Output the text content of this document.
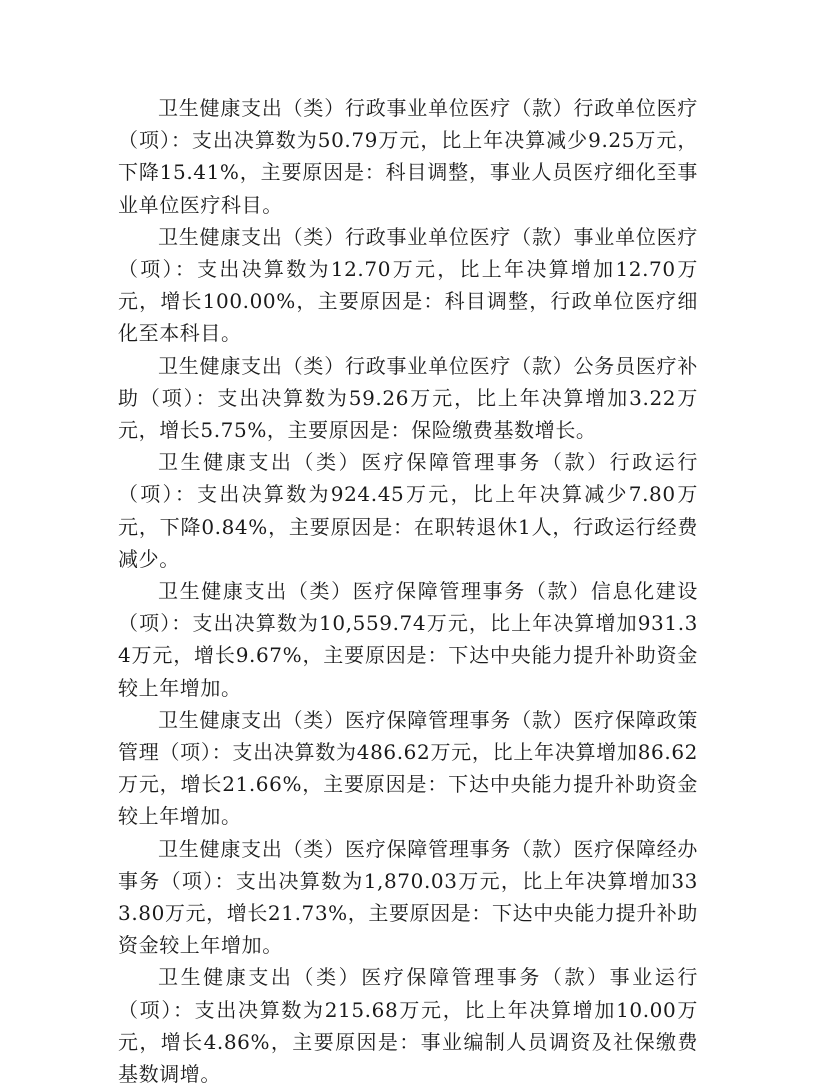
卫生健康支出（类）行政事业单位医疗（款）行政单位医疗（项）：支出决算数为50.79万元，比上年决算减少9.25万元，下降15.41%，主要原因是：科目调整，事业人员医疗细化至事业单位医疗科目。

卫生健康支出（类）行政事业单位医疗（款）事业单位医疗（项）：支出决算数为12.70万元，比上年决算增加12.70万元，增长100.00%，主要原因是：科目调整，行政单位医疗细化至本科目。

卫生健康支出（类）行政事业单位医疗（款）公务员医疗补助（项）：支出决算数为59.26万元，比上年决算增加3.22万元，增长5.75%，主要原因是：保险缴费基数增长。

卫生健康支出（类）医疗保障管理事务（款）行政运行（项）：支出决算数为924.45万元，比上年决算减少7.80万元，下降0.84%，主要原因是：在职转退休1人，行政运行经费减少。

卫生健康支出（类）医疗保障管理事务（款）信息化建设（项）：支出决算数为10,559.74万元，比上年决算增加931.34万元，增长9.67%，主要原因是：下达中央能力提升补助资金较上年增加。

卫生健康支出（类）医疗保障管理事务（款）医疗保障政策管理（项）：支出决算数为486.62万元，比上年决算增加86.62万元，增长21.66%，主要原因是：下达中央能力提升补助资金较上年增加。

卫生健康支出（类）医疗保障管理事务（款）医疗保障经办事务（项）：支出决算数为1,870.03万元，比上年决算增加333.80万元，增长21.73%，主要原因是：下达中央能力提升补助资金较上年增加。

卫生健康支出（类）医疗保障管理事务（款）事业运行（项）：支出决算数为215.68万元，比上年决算增加10.00万元，增长4.86%，主要原因是：事业编制人员调资及社保缴费基数调增。
